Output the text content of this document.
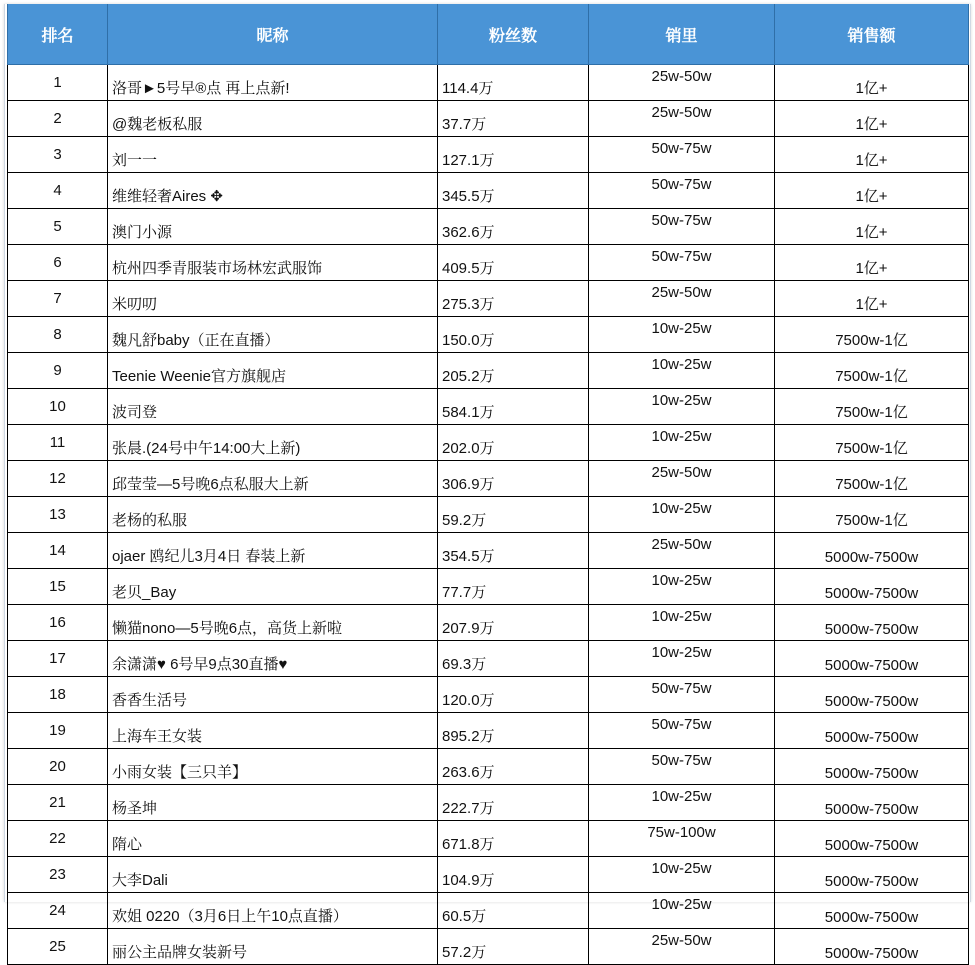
排名	昵称	粉丝数	销里	销售额
1	洛哥►5号早®点 再上点新!	114.4万	25w-50w	1亿+
2	@魏老板私服	37.7万	25w-50w	1亿+
3	刘一一	127.1万	50w-75w	1亿+
4	维维轻奢Aires ✥	345.5万	50w-75w	1亿+
5	澳门小源	362.6万	50w-75w	1亿+
6	杭州四季青服装市场林宏武服饰	409.5万	50w-75w	1亿+
7	米叨叨	275.3万	25w-50w	1亿+
8	魏凡舒baby（正在直播）	150.0万	10w-25w	7500w-1亿
9	Teenie Weenie官方旗舰店	205.2万	10w-25w	7500w-1亿
10	波司登	584.1万	10w-25w	7500w-1亿
11	张晨.(24号中午14:00大上新)	202.0万	10w-25w	7500w-1亿
12	邱莹莹—5号晚6点私服大上新	306.9万	25w-50w	7500w-1亿
13	老杨的私服	59.2万	10w-25w	7500w-1亿
14	ojaer 鸥纪儿3月4日 春装上新	354.5万	25w-50w	5000w-7500w
15	老贝_Bay	77.7万	10w-25w	5000w-7500w
16	懒猫nono—5号晚6点，高货上新啦	207.9万	10w-25w	5000w-7500w
17	余潇潇♥ 6号早9点30直播♥	69.3万	10w-25w	5000w-7500w
18	香香生活号	120.0万	50w-75w	5000w-7500w
19	上海车王女装	895.2万	50w-75w	5000w-7500w
20	小雨女装【三只羊】	263.6万	50w-75w	5000w-7500w
21	杨圣坤	222.7万	10w-25w	5000w-7500w
22	隋心	671.8万	75w-100w	5000w-7500w
23	大李Dali	104.9万	10w-25w	5000w-7500w
24	欢姐 0220（3月6日上午10点直播）	60.5万	10w-25w	5000w-7500w
25	丽公主品牌女装新号	57.2万	25w-50w	5000w-7500w
